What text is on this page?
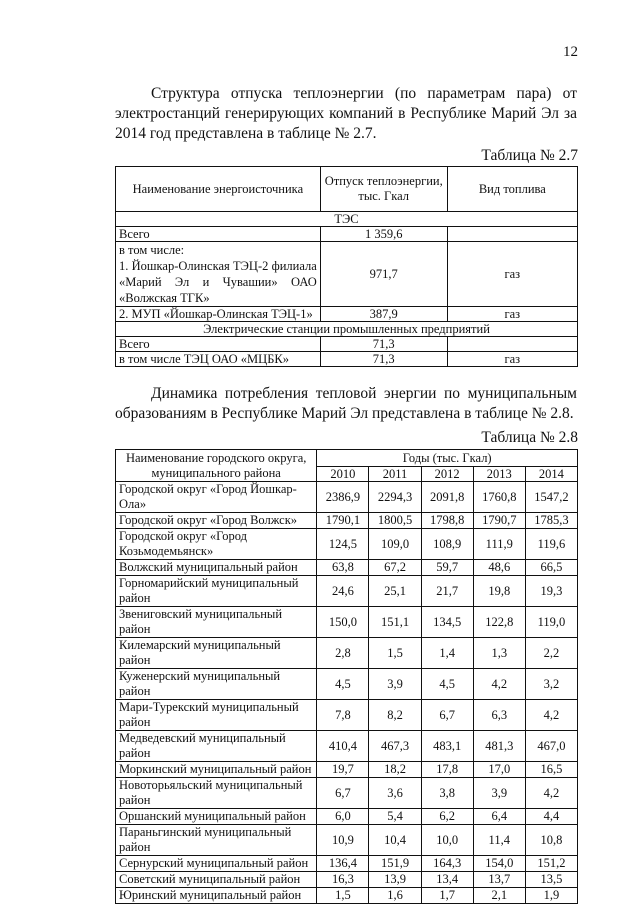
12
Структура отпуска теплоэнергии (по параметрам пара) от электростанций генерирующих компаний в Республике Марий Эл за 2014 год представлена в таблице № 2.7.
Таблица № 2.7
Наименование энергоисточника	Отпуск теплоэнергии, тыс. Гкал	Вид топлива
ТЭС		
Всего	1 359,6	

в том числе:
1. Йошкар-Олинская ТЭЦ-2 филиала «Марий Эл и Чувашии» ОАО «Волжская ТГК»	971,7	газ
2. МУП «Йошкар-Олинская ТЭЦ-1»	387,9	газ
Электрические станции промышленных предприятий		
Всего	71,3	
в том числе ТЭЦ ОАО «МЦБК»	71,3	газ
Динамика потребления тепловой энергии по муниципальным образованиям в Республике Марий Эл представлена в таблице № 2.8.
Таблица № 2.8
Наименование городского округа, муниципального района	Годы (тыс. Гкал)				
	2010	2011	2012	2013	2014
Городской округ «Город Йошкар-Ола»	2386,9	2294,3	2091,8	1760,8	1547,2
Городской округ «Город Волжск»	1790,1	1800,5	1798,8	1790,7	1785,3
Городской округ «Город Козьмодемьянск»	124,5	109,0	108,9	111,9	119,6
Волжский муниципальный район	63,8	67,2	59,7	48,6	66,5
Горномарийский муниципальный район	24,6	25,1	21,7	19,8	19,3
Звениговский муниципальный район	150,0	151,1	134,5	122,8	119,0
Килемарский муниципальный район	2,8	1,5	1,4	1,3	2,2
Куженерский муниципальный район	4,5	3,9	4,5	4,2	3,2
Мари-Турекский муниципальный район	7,8	8,2	6,7	6,3	4,2
Медведевский муниципальный район	410,4	467,3	483,1	481,3	467,0
Моркинский муниципальный район	19,7	18,2	17,8	17,0	16,5
Новоторьяльский муниципальный район	6,7	3,6	3,8	3,9	4,2
Оршанский муниципальный район	6,0	5,4	6,2	6,4	4,4
Параньгинский муниципальный район	10,9	10,4	10,0	11,4	10,8
Сернурский муниципальный район	136,4	151,9	164,3	154,0	151,2
Советский муниципальный район	16,3	13,9	13,4	13,7	13,5
Юринский муниципальный район	1,5	1,6	1,7	2,1	1,9
